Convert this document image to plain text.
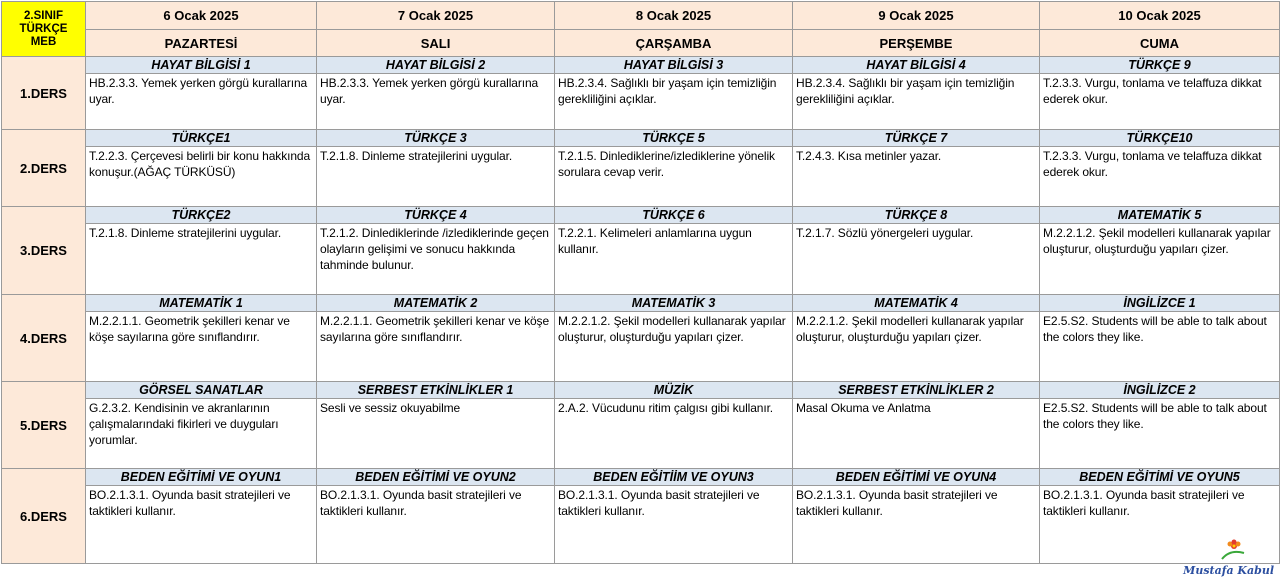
2.SINIF
TÜRKÇE
MEB	6 Ocak 2025	7 Ocak 2025	8 Ocak 2025	9 Ocak 2025	10 Ocak 2025
	PAZARTESİ	SALI	ÇARŞAMBA	PERŞEMBE	CUMA
1.DERS	HAYAT BİLGİSİ 1	HAYAT BİLGİSİ 2	HAYAT BİLGİSİ 3	HAYAT BİLGİSİ 4	TÜRKÇE 9
	HB.2.3.3. Yemek yerken görgü kurallarına uyar.	HB.2.3.3. Yemek yerken görgü kurallarına uyar.	HB.2.3.4. Sağlıklı bir yaşam için temizliğin gerekliliğini açıklar.	HB.2.3.4. Sağlıklı bir yaşam için temizliğin gerekliliğini açıklar.	T.2.3.3. Vurgu, tonlama ve telaffuza dikkat ederek okur.
2.DERS	TÜRKÇE1	TÜRKÇE 3	TÜRKÇE 5	TÜRKÇE 7	TÜRKÇE10
	T.2.2.3. Çerçevesi belirli bir konu hakkında konuşur.(AĞAÇ TÜRKÜSÜ)	T.2.1.8. Dinleme stratejilerini uygular.	T.2.1.5. Dinlediklerine/izlediklerine yönelik sorulara cevap verir.	T.2.4.3. Kısa metinler yazar.	T.2.3.3. Vurgu, tonlama ve telaffuza dikkat ederek okur.
3.DERS	TÜRKÇE2	TÜRKÇE 4	TÜRKÇE 6	TÜRKÇE 8	MATEMATİK 5
	T.2.1.8. Dinleme stratejilerini uygular.	T.2.1.2. Dinlediklerinde /izlediklerinde geçen olayların gelişimi ve sonucu hakkında tahminde bulunur.	T.2.2.1. Kelimeleri anlamlarına uygun kullanır.	T.2.1.7. Sözlü yönergeleri uygular.	M.2.2.1.2. Şekil modelleri kullanarak yapılar oluşturur, oluşturduğu yapıları çizer.
4.DERS	MATEMATİK 1	MATEMATİK 2	MATEMATİK 3	MATEMATİK 4	İNGİLİZCE 1
	M.2.2.1.1. Geometrik şekilleri kenar ve köşe sayılarına göre sınıflandırır.	M.2.2.1.1. Geometrik şekilleri kenar ve köşe sayılarına göre sınıflandırır.	M.2.2.1.2. Şekil modelleri kullanarak yapılar oluşturur, oluşturduğu yapıları çizer.	M.2.2.1.2. Şekil modelleri kullanarak yapılar oluşturur, oluşturduğu yapıları çizer.	E2.5.S2. Students will be able to talk about the colors they like.
5.DERS	GÖRSEL SANATLAR	SERBEST ETKİNLİKLER 1	MÜZİK	SERBEST ETKİNLİKLER 2	İNGİLİZCE 2
	G.2.3.2. Kendisinin ve akranlarının çalışmalarındaki fikirleri ve duyguları yorumlar.	Sesli ve sessiz okuyabilme	2.A.2. Vücudunu ritim çalgısı gibi kullanır.	Masal Okuma ve Anlatma	E2.5.S2. Students will be able to talk about the colors they like.
6.DERS	BEDEN EĞİTİMİ VE OYUN1	BEDEN EĞİTİMİ VE OYUN2	BEDEN EĞİTİİM VE OYUN3	BEDEN EĞİTİMİ VE OYUN4	BEDEN EĞİTİMİ VE OYUN5
	BO.2.1.3.1. Oyunda basit stratejileri ve taktikleri kullanır.	BO.2.1.3.1. Oyunda basit stratejileri ve taktikleri kullanır.	BO.2.1.3.1. Oyunda basit stratejileri ve taktikleri kullanır.	BO.2.1.3.1. Oyunda basit stratejileri ve taktikleri kullanır.	BO.2.1.3.1. Oyunda basit stratejileri ve taktikleri kullanır.
Mustafa Kabul
